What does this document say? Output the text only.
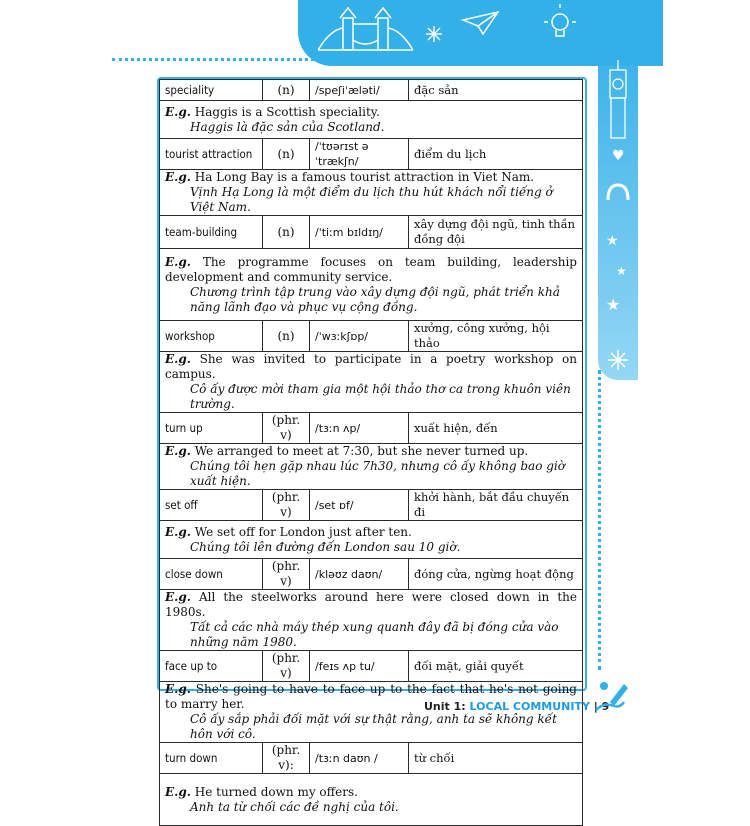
♥
★
★
★
speciality	(n)	/speʃiˈæləti/	đặc sản

E.g. Haggis is a Scottish speciality.
Haggis là đặc sản của Scotland.			

tourist attraction	(n)	/ˈtʊərɪst əˈtrækʃn/	điểm du lịch

E.g. Ha Long Bay is a famous tourist attraction in Viet Nam.
Vịnh Hạ Long là một điểm du lịch thu hút khách nổi tiếng ở Việt Nam.			

team-building	(n)	/ˈtiːm bɪldɪŋ/	xây dựng đội ngũ, tinh thần đồng đội

E.g. The programme focuses on team building, leadership development and community service.
Chương trình tập trung vào xây dựng đội ngũ, phát triển khả năng lãnh đạo và phục vụ cộng đồng.			

workshop	(n)	/ˈwɜːkʃɒp/	xưởng, công xưởng, hội thảo

E.g. She was invited to participate in a poetry workshop on campus.
Cô ấy được mời tham gia một hội thảo thơ ca trong khuôn viên trường.			

turn up	(phr. v)	/tɜːn ʌp/	xuất hiện, đến

E.g. We arranged to meet at 7:30, but she never turned up.
Chúng tôi hẹn gặp nhau lúc 7h30, nhưng cô ấy không bao giờ xuất hiện.			

set off	(phr. v)	/set ɒf/	khởi hành, bắt đầu chuyến đi

E.g. We set off for London just after ten.
Chúng tôi lên đường đến London sau 10 giờ.			

close down	(phr. v)	/kləʊz daʊn/	đóng cửa, ngừng hoạt động

E.g. All the steelworks around here were closed down in the 1980s.
Tất cả các nhà máy thép xung quanh đây đã bị đóng cửa vào những năm 1980.			

face up to	(phr. v)	/feɪs ʌp tu/	đối mặt, giải quyết

E.g. She's going to have to face up to the fact that he's not going to marry her.
Cô ấy sắp phải đối mặt với sự thật rằng, anh ta sẽ không kết hôn với cô.			

turn down	(phr. v):	/tɜːn daʊn /	từ chối

E.g. He turned down my offers.
Anh ta từ chối các đề nghị của tôi.			
Unit 1: LOCAL COMMUNITY | 9
